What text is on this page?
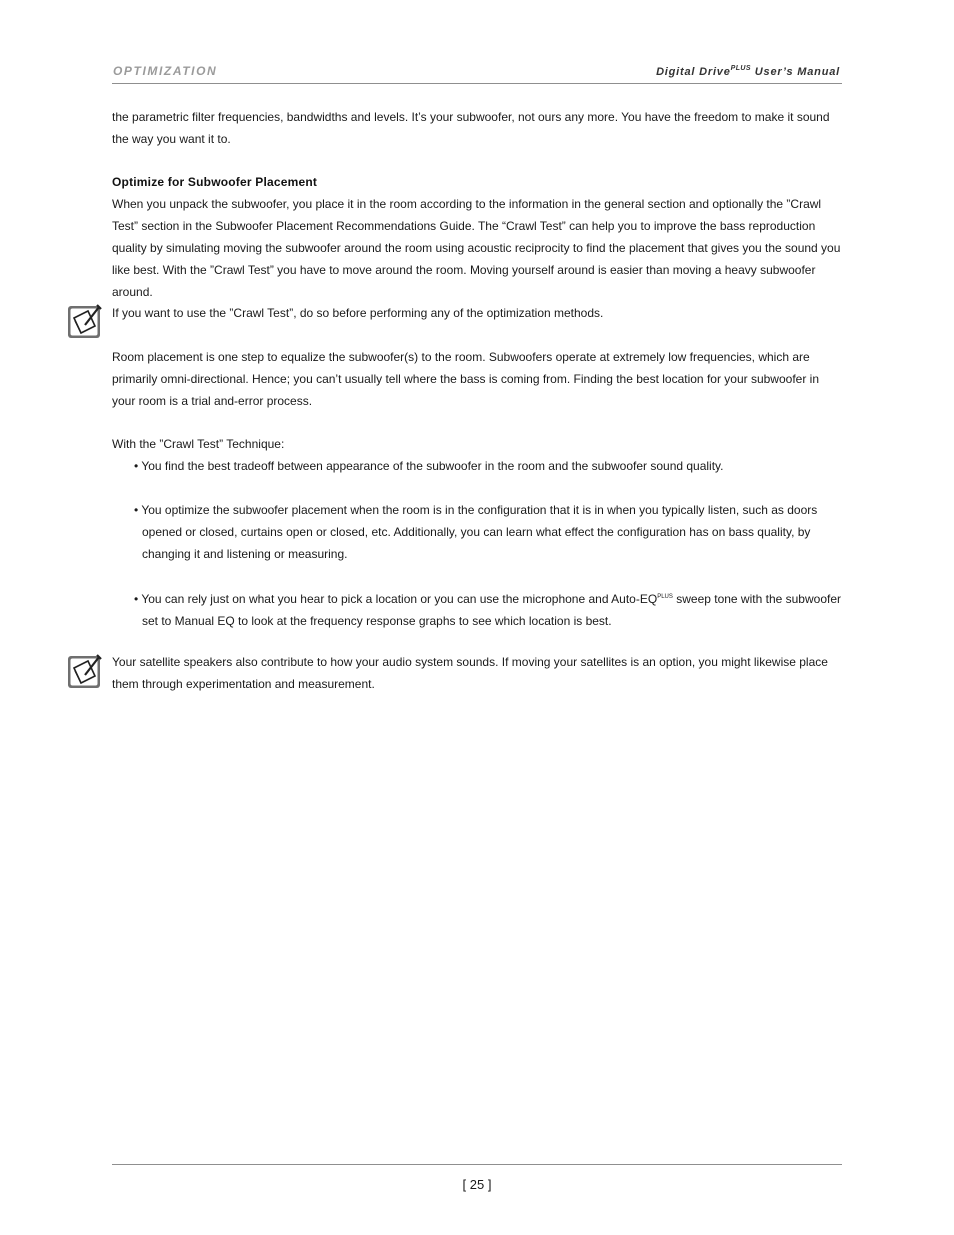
OPTIMIZATION	Digital Drive$^{PLUS}$ User’s Manual
the parametric filter frequencies, bandwidths and levels. It’s your subwoofer, not ours any more. You have the freedom to make it sound the way you want it to.
Optimize for Subwoofer Placement
When you unpack the subwoofer, you place it in the room according to the information in the general section and optionally the ”Crawl Test” section in the Subwoofer Placement Recommendations Guide. The “Crawl Test” can help you to improve the bass reproduction quality by simulating moving the subwoofer around the room using acoustic reciprocity to find the placement that gives you the sound you like best. With the ”Crawl Test” you have to move around the room. Moving yourself around is easier than moving a heavy subwoofer around.
If you want to use the ”Crawl Test”, do so before performing any of the optimization methods.
Room placement is one step to equalize the subwoofer(s) to the room. Subwoofers operate at extremely low frequencies, which are primarily omni-directional. Hence; you can’t usually tell where the bass is coming from. Finding the best location for your subwoofer in your room is a trial and-error process.
With the ”Crawl Test” Technique:
• You find the best tradeoff between appearance of the subwoofer in the room and the subwoofer sound quality.
• You optimize the subwoofer placement when the room is in the configuration that it is in when you typically listen, such as doors opened or closed, curtains open or closed, etc. Additionally, you can learn what effect the configuration has on bass quality, by changing it and listening or measuring.
• You can rely just on what you hear to pick a location or you can use the microphone and Auto-$EQ^{PLUS}$ sweep tone with the subwoofer set to Manual EQ to look at the frequency response graphs to see which location is best.
Your satellite speakers also contribute to how your audio system sounds. If moving your satellites is an option, you might likewise place them through experimentation and measurement.
[ 25 ]
